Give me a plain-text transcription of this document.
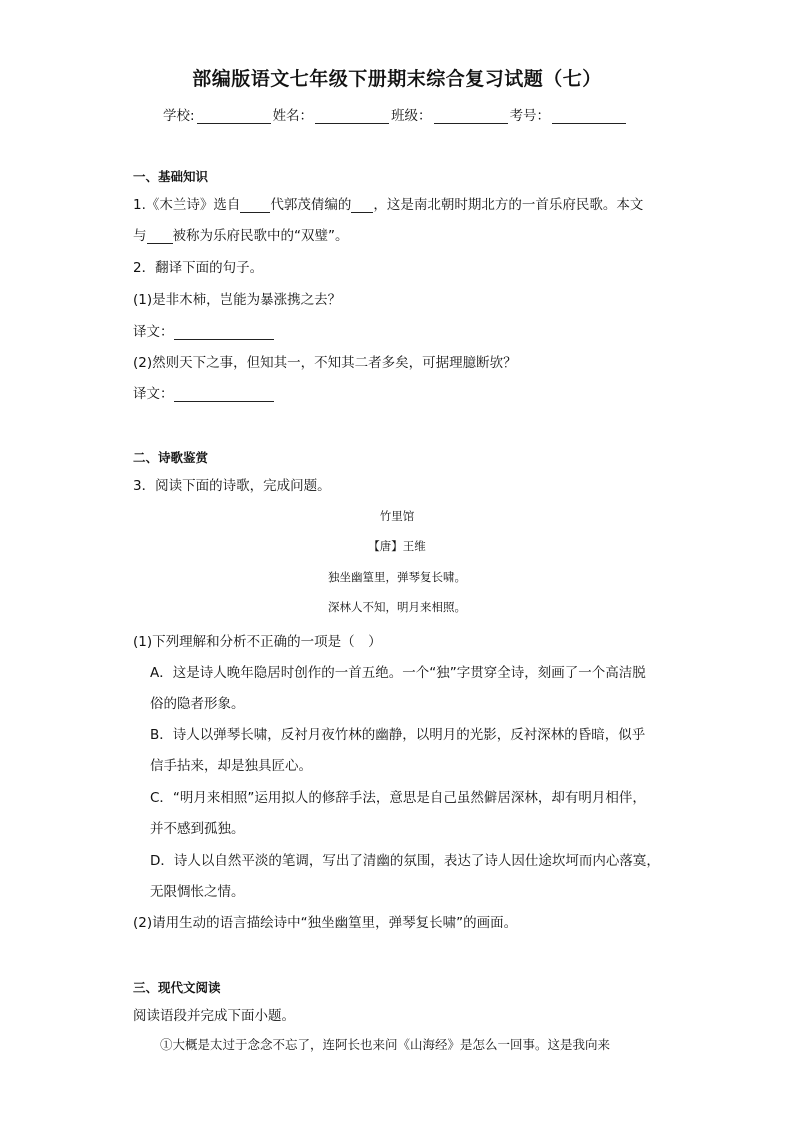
部编版语文七年级下册期末综合复习试题（七）
学校:	姓名：	班级：	考号：
一、基础知识
1.《木兰诗》选自 代郭茂倩编的 ，这是南北朝时期北方的一首乐府民歌。本文
与 被称为乐府民歌中的“双璧”。
2．翻译下面的句子。
(1)是非木柿，岂能为暴涨携之去？
译文：
(2)然则天下之事，但知其一，不知其二者多矣，可据理臆断欤？
译文：
二、诗歌鉴赏
3．阅读下面的诗歌，完成问题。
竹里馆
【唐】王维
独坐幽篁里，弹琴复长啸。
深林人不知，明月来相照。
(1)下列理解和分析不正确的一项是（　）
A．这是诗人晚年隐居时创作的一首五绝。一个“独”字贯穿全诗，刻画了一个高洁脱
俗的隐者形象。
B．诗人以弹琴长啸，反衬月夜竹林的幽静，以明月的光影，反衬深林的昏暗，似乎
信手拈来，却是独具匠心。
C．“明月来相照”运用拟人的修辞手法，意思是自己虽然僻居深林，却有明月相伴，
并不感到孤独。
D．诗人以自然平淡的笔调，写出了清幽的氛围，表达了诗人因仕途坎坷而内心落寞，
无限惆怅之情。
(2)请用生动的语言描绘诗中“独坐幽篁里，弹琴复长啸”的画面。
三、现代文阅读
阅读语段并完成下面小题。
①大概是太过于念念不忘了，连阿长也来问《山海经》是怎么一回事。这是我向来
